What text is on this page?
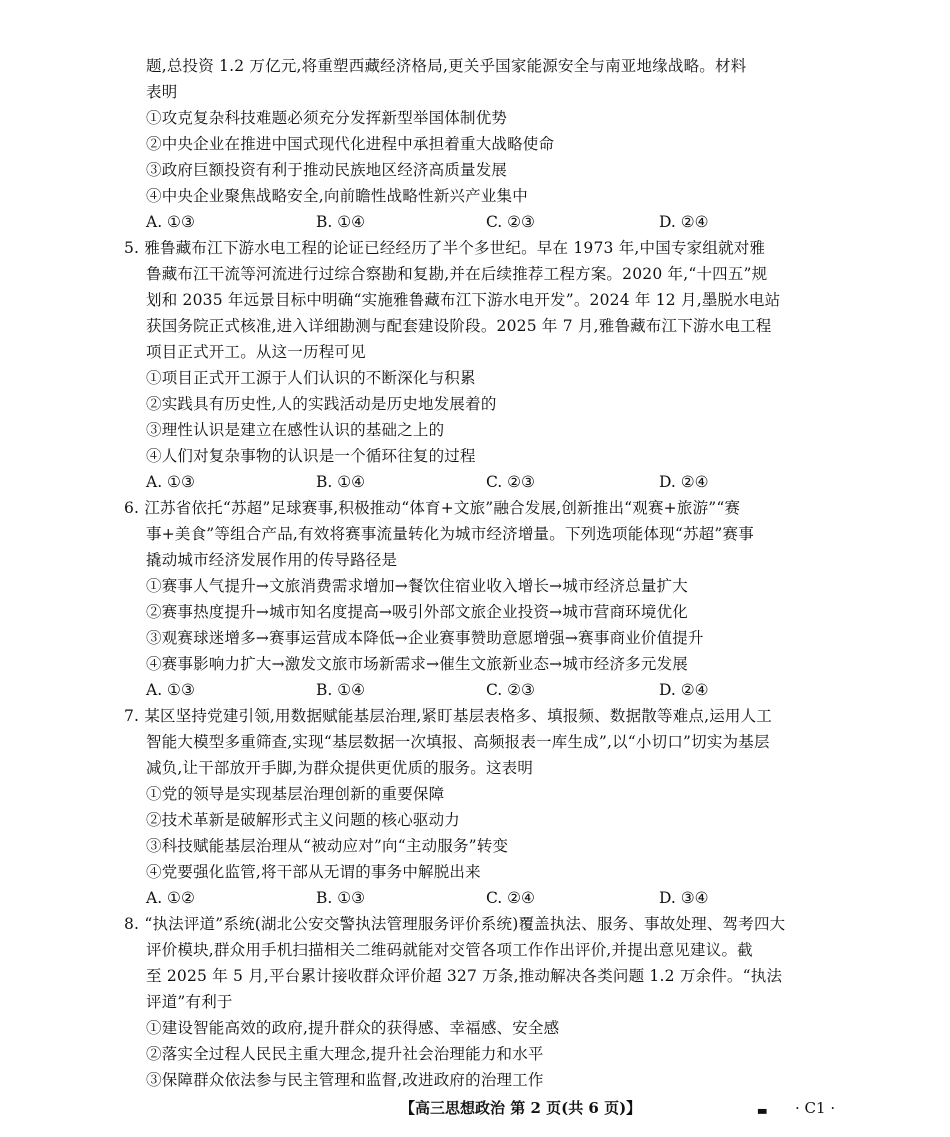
题,总投资 1.2 万亿元,将重塑西藏经济格局,更关乎国家能源安全与南亚地缘战略。材料
表明
①攻克复杂科技难题必须充分发挥新型举国体制优势
②中央企业在推进中国式现代化进程中承担着重大战略使命
③政府巨额投资有利于推动民族地区经济高质量发展
④中央企业聚焦战略安全,向前瞻性战略性新兴产业集中
A. ①③	B. ①④	C. ②③	D. ②④
5. 雅鲁藏布江下游水电工程的论证已经经历了半个多世纪。早在 1973 年,中国专家组就对雅
鲁藏布江干流等河流进行过综合察勘和复勘,并在后续推荐工程方案。2020 年,“十四五”规
划和 2035 年远景目标中明确“实施雅鲁藏布江下游水电开发”。2024 年 12 月,墨脱水电站
获国务院正式核准,进入详细勘测与配套建设阶段。2025 年 7 月,雅鲁藏布江下游水电工程
项目正式开工。从这一历程可见
①项目正式开工源于人们认识的不断深化与积累
②实践具有历史性,人的实践活动是历史地发展着的
③理性认识是建立在感性认识的基础之上的
④人们对复杂事物的认识是一个循环往复的过程
A. ①③	B. ①④	C. ②③	D. ②④
6. 江苏省依托“苏超”足球赛事,积极推动“体育+文旅”融合发展,创新推出“观赛+旅游”“赛
事+美食”等组合产品,有效将赛事流量转化为城市经济增量。下列选项能体现“苏超”赛事
撬动城市经济发展作用的传导路径是
①赛事人气提升→文旅消费需求增加→餐饮住宿业收入增长→城市经济总量扩大
②赛事热度提升→城市知名度提高→吸引外部文旅企业投资→城市营商环境优化
③观赛球迷增多→赛事运营成本降低→企业赛事赞助意愿增强→赛事商业价值提升
④赛事影响力扩大→激发文旅市场新需求→催生文旅新业态→城市经济多元发展
A. ①③	B. ①④	C. ②③	D. ②④
7. 某区坚持党建引领,用数据赋能基层治理,紧盯基层表格多、填报频、数据散等难点,运用人工
智能大模型多重筛查,实现“基层数据一次填报、高频报表一库生成”,以“小切口”切实为基层
减负,让干部放开手脚,为群众提供更优质的服务。这表明
①党的领导是实现基层治理创新的重要保障
②技术革新是破解形式主义问题的核心驱动力
③科技赋能基层治理从“被动应对”向“主动服务”转变
④党要强化监管,将干部从无谓的事务中解脱出来
A. ①②	B. ①③	C. ②④	D. ③④
8. “执法评道”系统(湖北公安交警执法管理服务评价系统)覆盖执法、服务、事故处理、驾考四大
评价模块,群众用手机扫描相关二维码就能对交管各项工作作出评价,并提出意见建议。截
至 2025 年 5 月,平台累计接收群众评价超 327 万条,推动解决各类问题 1.2 万余件。“执法
评道”有利于
①建设智能高效的政府,提升群众的获得感、幸福感、安全感
②落实全过程人民民主重大理念,提升社会治理能力和水平
③保障群众依法参与民主管理和监督,改进政府的治理工作
【高三思想政治 第 2 页(共 6 页)】	▃ · C1 ·
